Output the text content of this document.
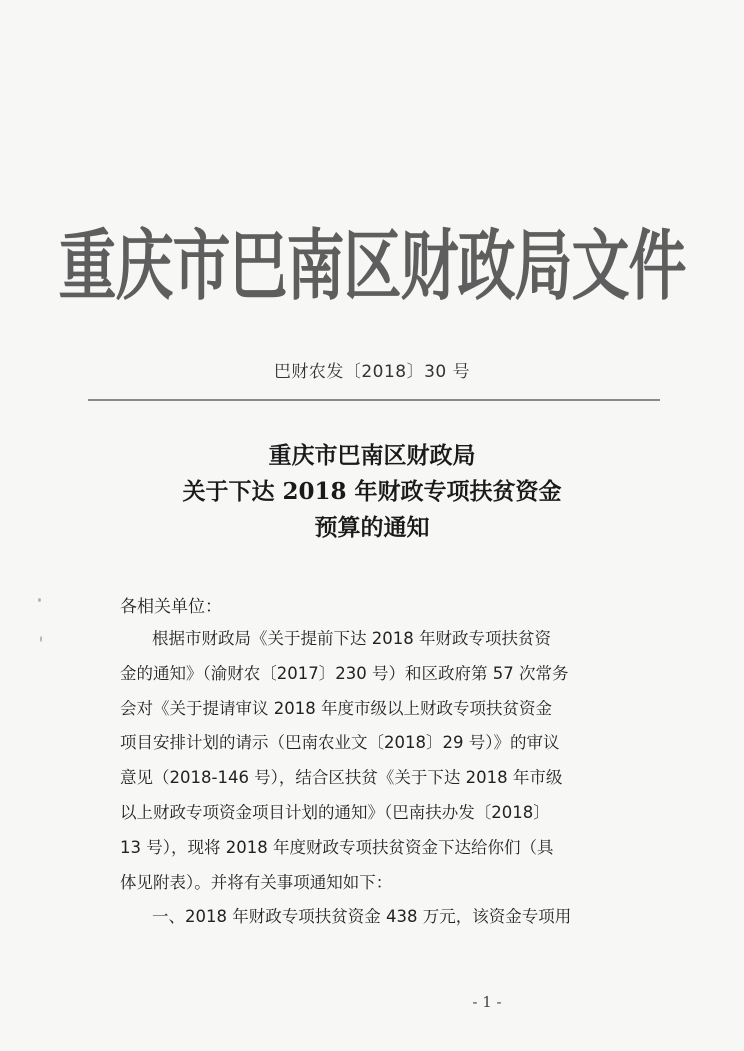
重庆市巴南区财政局文件
巴财农发〔2018〕30 号
重庆市巴南区财政局
关于下达 2018 年财政专项扶贫资金
预算的通知
各相关单位：
根据市财政局《关于提前下达 2018 年财政专项扶贫资
金的通知》（渝财农〔2017〕230 号）和区政府第 57 次常务
会对《关于提请审议 2018 年度市级以上财政专项扶贫资金
项目安排计划的请示（巴南农业文〔2018〕29 号）》的审议
意见（2018-146 号），结合区扶贫《关于下达 2018 年市级
以上财政专项资金项目计划的通知》（巴南扶办发〔2018〕
13 号），现将 2018 年度财政专项扶贫资金下达给你们（具
体见附表）。并将有关事项通知如下：
一、2018 年财政专项扶贫资金 438 万元，该资金专项用
- 1 -
